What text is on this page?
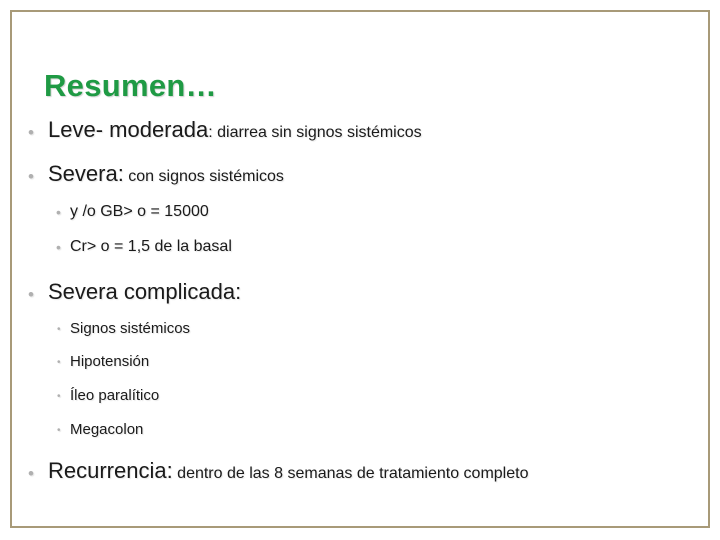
Resumen…
• Leve- moderada: diarrea sin signos sistémicos
• Severa: con signos sistémicos
• y /o GB> o = 15000
• Cr> o = 1,5 de la basal
• Severa complicada:
• Signos sistémicos
• Hipotensión
• Íleo paralítico
• Megacolon
• Recurrencia: dentro de las 8 semanas de tratamiento completo
